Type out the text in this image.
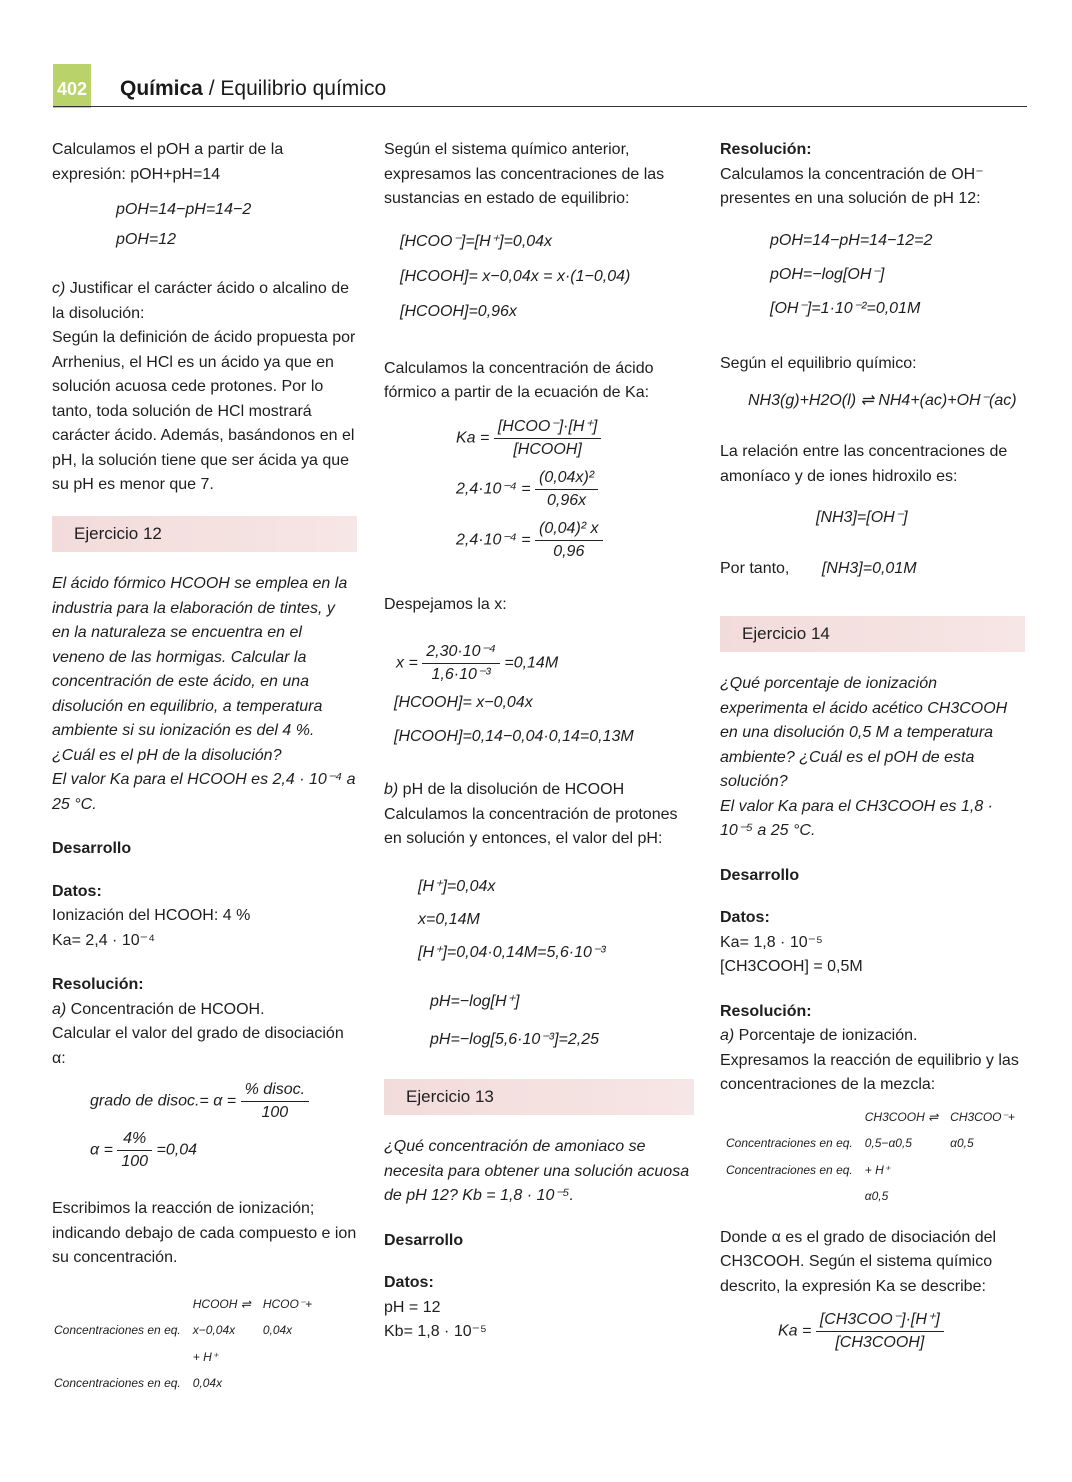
402 Química / Equilibrio químico

Calculamos el pOH a partir de la expresión: pOH+pH=14

pOH=14−pH=14−2
pOH=12

c) Justificar el carácter ácido o alcalino de la disolución:

Según la definición de ácido propuesta por Arrhenius, el HCl es un ácido ya que en solución acuosa cede protones. Por lo tanto, toda solución de HCl mostrará carácter ácido. Además, basándonos en el pH, la solución tiene que ser ácida ya que su pH es menor que 7.

Ejercicio 12

El ácido fórmico HCOOH se emplea en la industria para la elaboración de tintes, y en la naturaleza se encuentra en el veneno de las hormigas. Calcular la concentración de este ácido, en una disolución en equilibrio, a temperatura ambiente si su ionización es del 4 %. ¿Cuál es el pH de la disolución?

El valor Ka para el HCOOH es 2,4 · 10⁻⁴ a 25 °C.

Desarrollo

Datos:

Ionización del HCOOH: 4 %

Ka= 2,4 · 10⁻⁴

Resolución:

a) Concentración de HCOOH.

Calcular el valor del grado de disociación α:

grado de disoc.= $\alpha = \frac{\text{\% disoc.}}{100}$
$\alpha = \frac{4\%}{100} =0,04$

Escribimos la reacción de ionización; indicando debajo de cada compuesto e ion su concentración.

	HCOOH ⇌	HCOO⁻+
Concentraciones en eq.	x−0,04x	0,04x
	+ H⁺	
Concentraciones en eq.	0,04x	

Según el sistema químico anterior, expresamos las concentraciones de las sustancias en estado de equilibrio:

[HCOO⁻]=[H⁺]=0,04x
[HCOOH]= x−0,04x = x·(1−0,04)
[HCOOH]=0,96x

Calculamos la concentración de ácido fórmico a partir de la ecuación de Ka:

$Ka = \frac{\text{[HCOO⁻]·[H⁺]}}{\text{[HCOOH]}}$
$2,4\cdot 10^{-4} = \frac{\text{(0,04x)²}}{0,96x}$
$2,4\cdot 10^{-4} = \frac{\text{(0,04)² x}}{0,96}$

Despejamos la x:

$x = \frac{\text{2,30·10⁻⁴}}{\text{1,6·10⁻³}} =0,14M$
[HCOOH]= x−0,04x
[HCOOH]=0,14−0,04·0,14=0,13M

b) pH de la disolución de HCOOH

Calculamos la concentración de protones en solución y entonces, el valor del pH:

[H⁺]=0,04x
x=0,14M
[H⁺]=0,04·0,14M=5,6·10⁻³
pH=−log[H⁺]
pH=−log[5,6·10⁻³]=2,25
Ejercicio 13

¿Qué concentración de amoniaco se necesita para obtener una solución acuosa de pH 12? Kb = 1,8 · 10⁻⁵.

Desarrollo

Datos:

pH = 12

Kb= 1,8 · 10⁻⁵

Resolución:

Calculamos la concentración de OH⁻ presentes en una solución de pH 12:

pOH=14−pH=14−12=2
pOH=−log[OH⁻]
[OH⁻]=1·10⁻²=0,01M

Según el equilibrio químico:

NH3(g)+H2O(l) ⇌ NH4+(ac)+OH⁻(ac)

La relación entre las concentraciones de amoníaco y de iones hidroxilo es:

[NH3]=[OH⁻]
Por tanto, [NH3]=0,01M
Ejercicio 14

¿Qué porcentaje de ionización experimenta el ácido acético CH3COOH en una disolución 0,5 M a temperatura ambiente? ¿Cuál es el pOH de esta solución?

El valor Ka para el CH3COOH es 1,8 · 10⁻⁵ a 25 °C.

Desarrollo

Datos:

Ka= 1,8 · 10⁻⁵

[CH3COOH] = 0,5M

Resolución:

a) Porcentaje de ionización.

Expresamos la reacción de equilibrio y las concentraciones de la mezcla:

	CH3COOH ⇌	CH3COO⁻+
Concentraciones en eq.	0,5−α0,5	α0,5
Concentraciones en eq.	+ H⁺	
	α0,5	

Donde α es el grado de disociación del CH3COOH. Según el sistema químico descrito, la expresión Ka se describe:

$Ka = \frac{\text{[CH3COO⁻]·[H⁺]}}{\text{[CH3COOH]}}$
